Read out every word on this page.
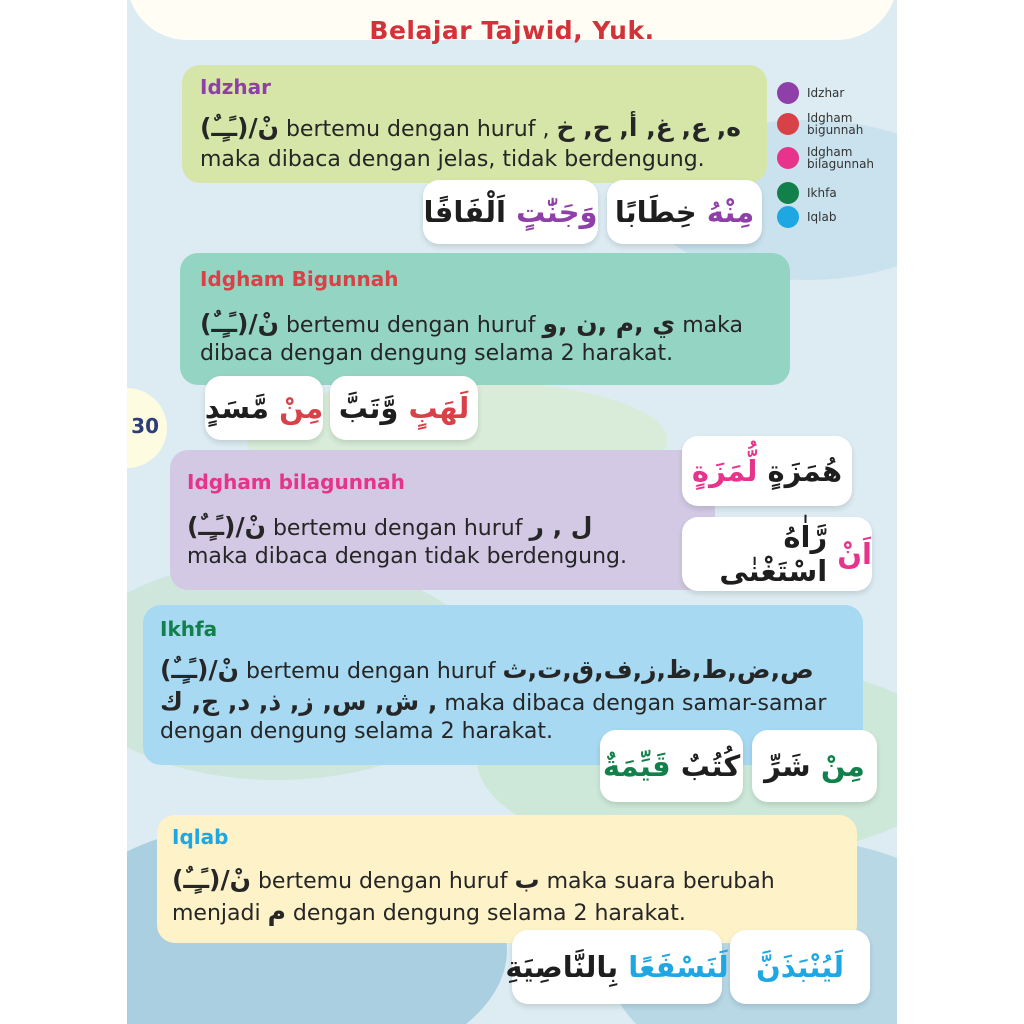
Belajar Tajwid, Yuk.
Idzhar
Idgham bigunnah
Idgham bilagunnah
Ikhfa
Iqlab
Idzhar
نْ/(ـًـٍـٌ) bertemu dengan huruf , ه, ع, غ, أ, ح, خ
maka dibaca dengan jelas, tidak berdengung.
مِنْهُ

خِطَابًا
وَجَنّٰتٍ

اَلْفَافًا
Idgham Bigunnah
نْ/(ـًـٍـٌ) bertemu dengan huruf ي ,م ,ن ,و maka
dibaca dengan dengung selama 2 harakat.
لَهَبٍ

وَّتَبَّ
مِنْ

مَّسَدٍ
30
Idgham bilagunnah
نْ/(ـًـٍـٌ) bertemu dengan huruf ل , ر
maka dibaca dengan tidak berdengung.
هُمَزَةٍ

لُّمَزَةٍ
اَنْ

رَّاٰهُ اسْتَغْنٰى
Ikhfa
نْ/(ـًـٍـٌ) bertemu dengan huruf ص,ض,ط,ظ,ز,ف,ق,ت,ث
, ش, س, ز, ذ, د, ج, ك maka dibaca dengan samar-samar
dengan dengung selama 2 harakat.
مِنْ

شَرِّ
كُتُبٌ

قَيِّمَةٌ
Iqlab
نْ/(ـًـٍـٌ) bertemu dengan huruf ب maka suara berubah
menjadi م dengan dengung selama 2 harakat.
لَيُنْبَذَنَّ
لَنَسْفَعًا

بِالنَّاصِيَةِ
